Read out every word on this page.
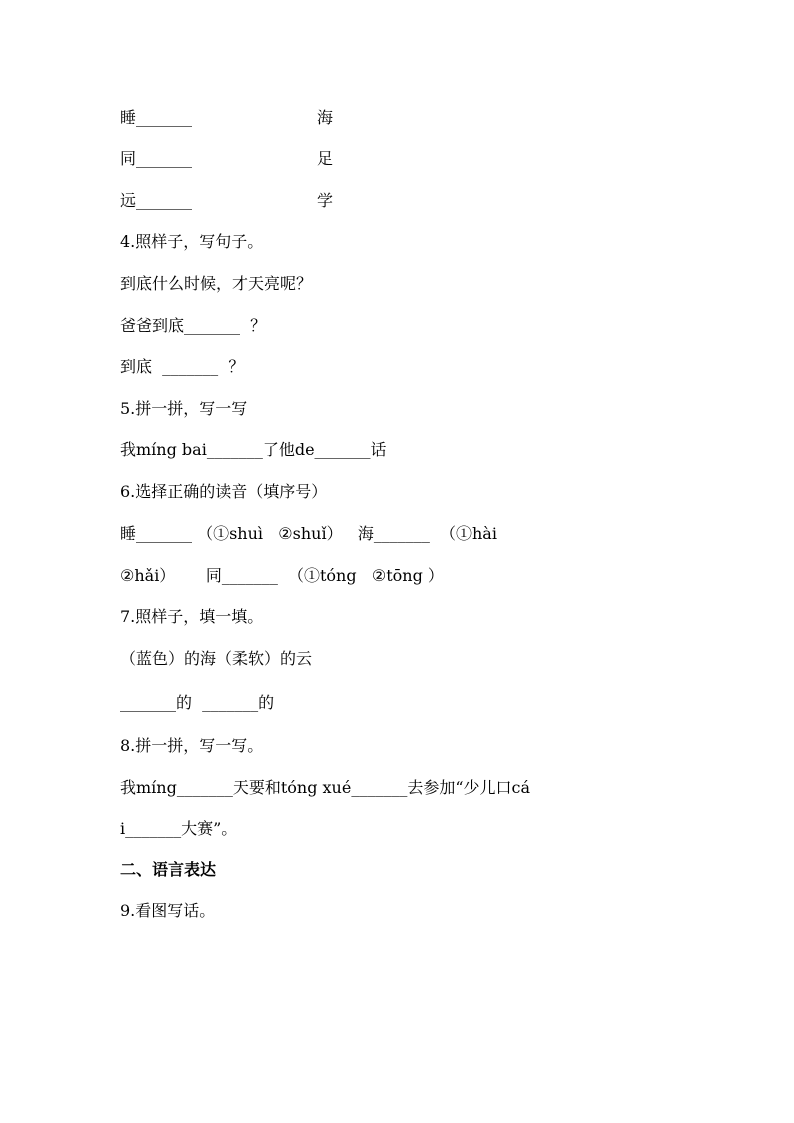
睡_______	海
同_______	足
远_______	学
4.照样子，写句子。
到底什么时候，才天亮呢？
爸爸到底_______  ？
到底  _______  ？
5.拼一拼，写一写
我míng bai_______了他de_______话
6.选择正确的读音（填序号）
睡_______ （①shuì   ②shuǐ）   海_______  （①hài
②hǎi）      同_______  （①tóng   ②tōng ）
7.照样子，填一填。
（蓝色）的海（柔软）的云
_______的  _______的
8.拼一拼，写一写。
我míng_______天要和tóng xué_______去参加“少儿口cá
i_______大赛”。
二、语言表达
9.看图写话。
